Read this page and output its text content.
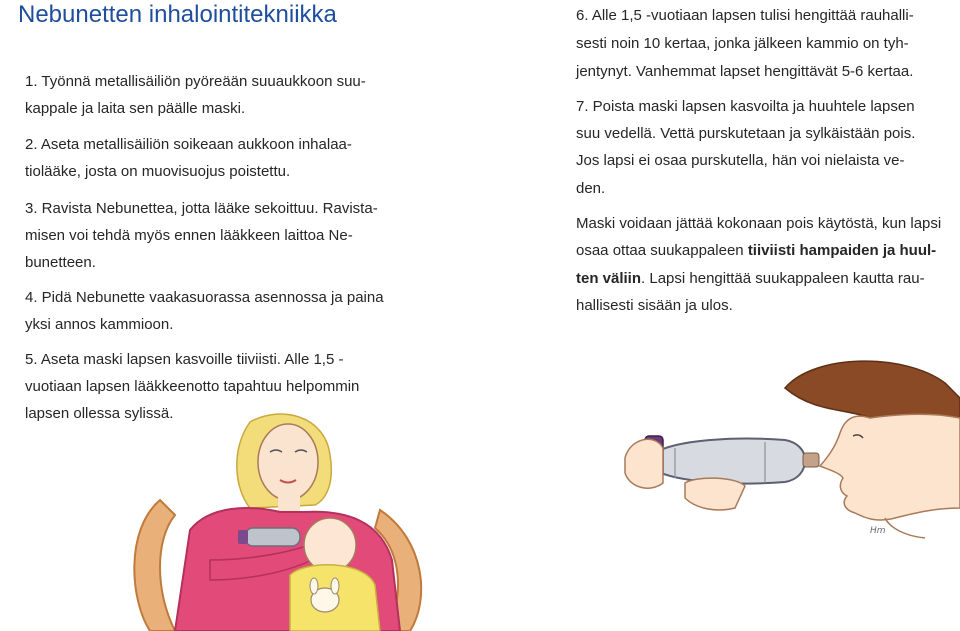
Nebunetten inhalointitekniikka
1. Työnnä metallisäiliön pyöreään suuaukkoon suu-
kappale ja laita sen päälle maski.
2. Aseta metallisäiliön soikeaan aukkoon inhalaa-
tiolääke, josta on muovisuojus poistettu.
3. Ravista Nebunettea, jotta lääke sekoittuu. Ravista-
misen voi tehdä myös ennen lääkkeen laittoa Ne-
bunetteen.
4. Pidä Nebunette vaakasuorassa asennossa ja paina
yksi annos kammioon.
5. Aseta maski lapsen kasvoille tiiviisti. Alle 1,5 -
vuotiaan lapsen lääkkeenotto tapahtuu helpommin
lapsen ollessa sylissä.
6. Alle 1,5 -vuotiaan lapsen tulisi hengittää rauhalli-
sesti noin 10 kertaa, jonka jälkeen kammio on tyh-
jentynyt. Vanhemmat lapset hengittävät 5-6 kertaa.
7. Poista maski lapsen kasvoilta ja huuhtele lapsen
suu vedellä. Vettä purskutetaan ja sylkäistään pois.
Jos lapsi ei osaa purskutella, hän voi nielaista ve-
den.
Maski voidaan jättää kokonaan pois käytöstä, kun lapsi
osaa ottaa suukappaleen tiiviisti hampaiden ja huul-
ten väliin. Lapsi hengittää suukappaleen kautta rau-
hallisesti sisään ja ulos.
Hm
